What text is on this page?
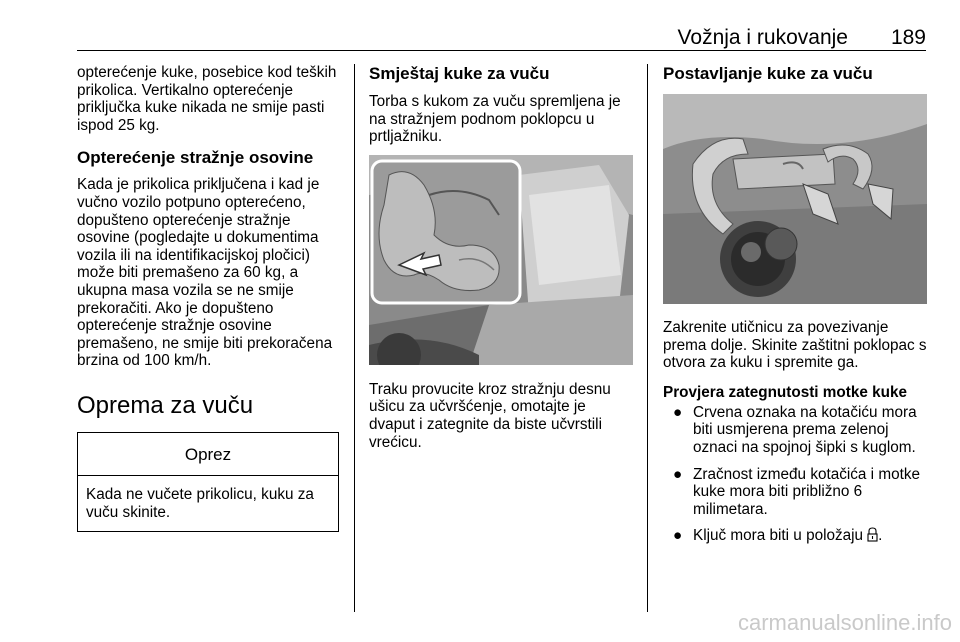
Vožnja i rukovanje 189

opterećenje kuke, posebice kod teških prikolica. Vertikalno opterećenje priključka kuke nikada ne smije pasti ispod 25 kg.

Opterećenje stražnje osovine

Kada je prikolica priključena i kad je vučno vozilo potpuno opterećeno, dopušteno opterećenje stražnje osovine (pogledajte u dokumentima vozila ili na identifikacijskoj pločici) može biti premašeno za 60 kg, a ukupna masa vozila se ne smije prekoračiti. Ako je dopušteno opterećenje stražnje osovine premašeno, ne smije biti prekoračena brzina od 100 km/h.

Oprema za vuču
Oprez

Kada ne vučete prikolicu, kuku za vuču skinite.

Smještaj kuke za vuču

Torba s kukom za vuču spremljena je na stražnjem podnom poklopcu u prtljažniku.

Traku provucite kroz stražnju desnu ušicu za učvršćenje, omotajte je dvaput i zategnite da biste učvrstili vrećicu.

Postavljanje kuke za vuču

Zakrenite utičnicu za povezivanje prema dolje. Skinite zaštitni poklopac s otvora za kuku i spremite ga.

Provjera zategnutosti motke kuke
● Crvena oznaka na kotačiću mora biti usmjerena prema zelenoj oznaci na spojnoj šipki s kuglom.
● Zračnost između kotačića i motke kuke mora biti približno 6 milimetara.
● Ključ mora biti u položaju .
carmanualsonline.info
